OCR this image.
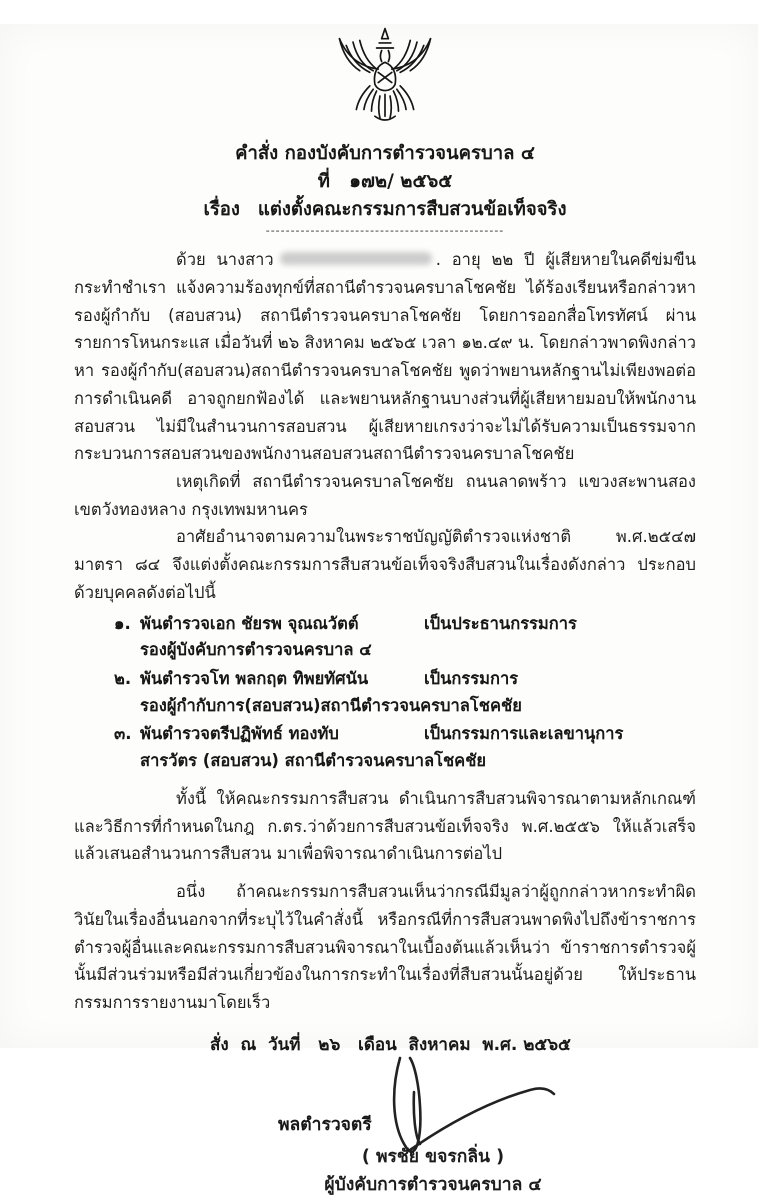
คำสั่ง กองบังคับการตำรวจนครบาล ๔

ที่   ๑๗๒/ ๒๕๖๕

เรื่อง แต่งตั้งคณะกรรมการสืบสวนข้อเท็จจริง

------------------------------------------------

ด้วย นางสาว	. อายุ ๒๒ ปี ผู้เสียหายในคดีข่มขืนกระทำชำเรา แจ้งความร้องทุกข์ที่สถานีตำรวจนครบาลโชคชัย ได้ร้องเรียนหรือกล่าวหา รองผู้กำกับ (สอบสวน) สถานีตำรวจนครบาลโชคชัย โดยการออกสื่อโทรทัศน์ ผ่านรายการโหนกระแส เมื่อวันที่ ๒๖ สิงหาคม ๒๕๖๕ เวลา ๑๒.๔๙ น. โดยกล่าวพาดพิงกล่าวหา รองผู้กำกับ(สอบสวน)สถานีตำรวจนครบาลโชคชัย พูดว่าพยานหลักฐานไม่เพียงพอต่อการดำเนินคดี อาจถูกยกฟ้องได้ และพยานหลักฐานบางส่วนที่ผู้เสียหายมอบให้พนักงานสอบสวน ไม่มีในสำนวนการสอบสวน ผู้เสียหายเกรงว่าจะไม่ได้รับความเป็นธรรมจากกระบวนการสอบสวนของพนักงานสอบสวนสถานีตำรวจนครบาลโชคชัย

เหตุเกิดที่ สถานีตำรวจนครบาลโชคชัย ถนนลาดพร้าว แขวงสะพานสอง เขตวังทองหลาง กรุงเทพมหานคร

อาศัยอำนาจตามความในพระราชบัญญัติตำรวจแห่งชาติ พ.ศ.๒๕๔๗ มาตรา ๘๔ จึงแต่งตั้งคณะกรรมการสืบสวนข้อเท็จจริงสืบสวนในเรื่องดังกล่าว ประกอบด้วยบุคคลดังต่อไปนี้

๑. พันตำรวจเอก ชัยรพ จุณณวัตต์	เป็นประธานกรรมการ
รองผู้บังคับการตำรวจนครบาล ๔
๒. พันตำรวจโท พลกฤต ทิพยทัศนัน	เป็นกรรมการ
รองผู้กำกับการ(สอบสวน)สถานีตำรวจนครบาลโชคชัย
๓. พันตำรวจตรีปฏิพัทธ์ ทองทับ	เป็นกรรมการและเลขานุการ
สารวัตร (สอบสวน) สถานีตำรวจนครบาลโชคชัย

ทั้งนี้ ให้คณะกรรมการสืบสวน ดำเนินการสืบสวนพิจารณาตามหลักเกณฑ์และวิธีการที่กำหนดในกฎ ก.ตร.ว่าด้วยการสืบสวนข้อเท็จจริง พ.ศ.๒๕๕๖ ให้แล้วเสร็จ แล้วเสนอสำนวนการสืบสวน มาเพื่อพิจารณาดำเนินการต่อไป

อนึ่ง ถ้าคณะกรรมการสืบสวนเห็นว่ากรณีมีมูลว่าผู้ถูกกล่าวหากระทำผิดวินัยในเรื่องอื่นนอกจากที่ระบุไว้ในคำสั่งนี้ หรือกรณีที่การสืบสวนพาดพิงไปถึงข้าราชการตำรวจผู้อื่นและคณะกรรมการสืบสวนพิจารณาในเบื้องต้นแล้วเห็นว่า ข้าราชการตำรวจผู้นั้นมีส่วนร่วมหรือมีส่วนเกี่ยวข้องในการกระทำในเรื่องที่สืบสวนนั้นอยู่ด้วย ให้ประธานกรรมการรายงานมาโดยเร็ว

สั่ง  ณ  วันที่   ๒๖   เดือน  สิงหาคม  พ.ศ. ๒๕๖๕
พลตำรวจตรี
( พรชัย ขจรกลิ่น )
ผู้บังคับการตำรวจนครบาล ๔
